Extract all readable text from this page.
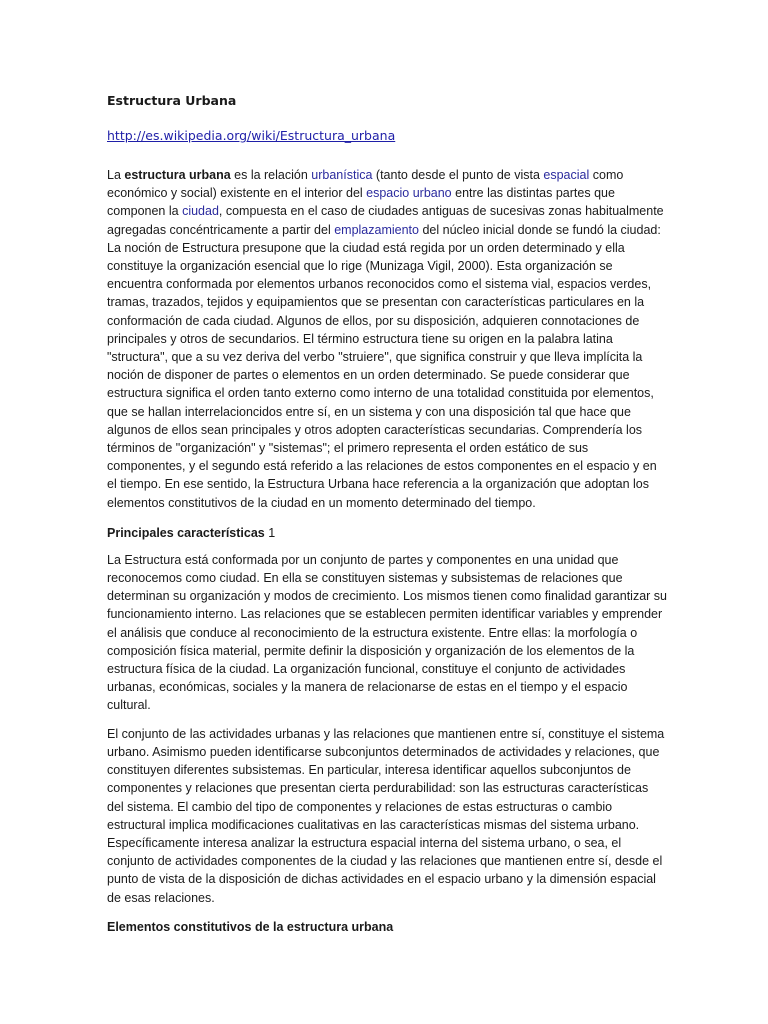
Estructura Urbana
http://es.wikipedia.org/wiki/Estructura_urbana

La estructura urbana es la relación urbanística (tanto desde el punto de vista espacial como económico y social) existente en el interior del espacio urbano entre las distintas partes que componen la ciudad, compuesta en el caso de ciudades antiguas de sucesivas zonas habitualmente agregadas concéntricamente a partir del emplazamiento del núcleo inicial donde se fundó la ciudad: La noción de Estructura presupone que la ciudad está regida por un orden determinado y ella constituye la organización esencial que lo rige (Munizaga Vigil, 2000). Esta organización se encuentra conformada por elementos urbanos reconocidos como el sistema vial, espacios verdes, tramas, trazados, tejidos y equipamientos que se presentan con características particulares en la conformación de cada ciudad. Algunos de ellos, por su disposición, adquieren connotaciones de principales y otros de secundarios. El término estructura tiene su origen en la palabra latina "structura", que a su vez deriva del verbo "struiere", que significa construir y que lleva implícita la noción de disponer de partes o elementos en un orden determinado. Se puede considerar que estructura significa el orden tanto externo como interno de una totalidad constituida por elementos, que se hallan interrelacioncidos entre sí, en un sistema y con una disposición tal que hace que algunos de ellos sean principales y otros adopten características secundarias. Comprendería los términos de "organización" y "sistemas"; el primero representa el orden estático de sus componentes, y el segundo está referido a las relaciones de estos componentes en el espacio y en el tiempo. En ese sentido, la Estructura Urbana hace referencia a la organización que adoptan los elementos constitutivos de la ciudad en un momento determinado del tiempo.

Principales características 1

La Estructura está conformada por un conjunto de partes y componentes en una unidad que reconocemos como ciudad. En ella se constituyen sistemas y subsistemas de relaciones que determinan su organización y modos de crecimiento. Los mismos tienen como finalidad garantizar su funcionamiento interno. Las relaciones que se establecen permiten identificar variables y emprender el análisis que conduce al reconocimiento de la estructura existente. Entre ellas: la morfología o composición física material, permite definir la disposición y organización de los elementos de la estructura física de la ciudad. La organización funcional, constituye el conjunto de actividades urbanas, económicas, sociales y la manera de relacionarse de estas en el tiempo y el espacio cultural.

El conjunto de las actividades urbanas y las relaciones que mantienen entre sí, constituye el sistema urbano. Asimismo pueden identificarse subconjuntos determinados de actividades y relaciones, que constituyen diferentes subsistemas. En particular, interesa identificar aquellos subconjuntos de componentes y relaciones que presentan cierta perdurabilidad: son las estructuras características del sistema. El cambio del tipo de componentes y relaciones de estas estructuras o cambio estructural implica modificaciones cualitativas en las características mismas del sistema urbano. Específicamente interesa analizar la estructura espacial interna del sistema urbano, o sea, el conjunto de actividades componentes de la ciudad y las relaciones que mantienen entre sí, desde el punto de vista de la disposición de dichas actividades en el espacio urbano y la dimensión espacial de esas relaciones.

Elementos constitutivos de la estructura urbana
